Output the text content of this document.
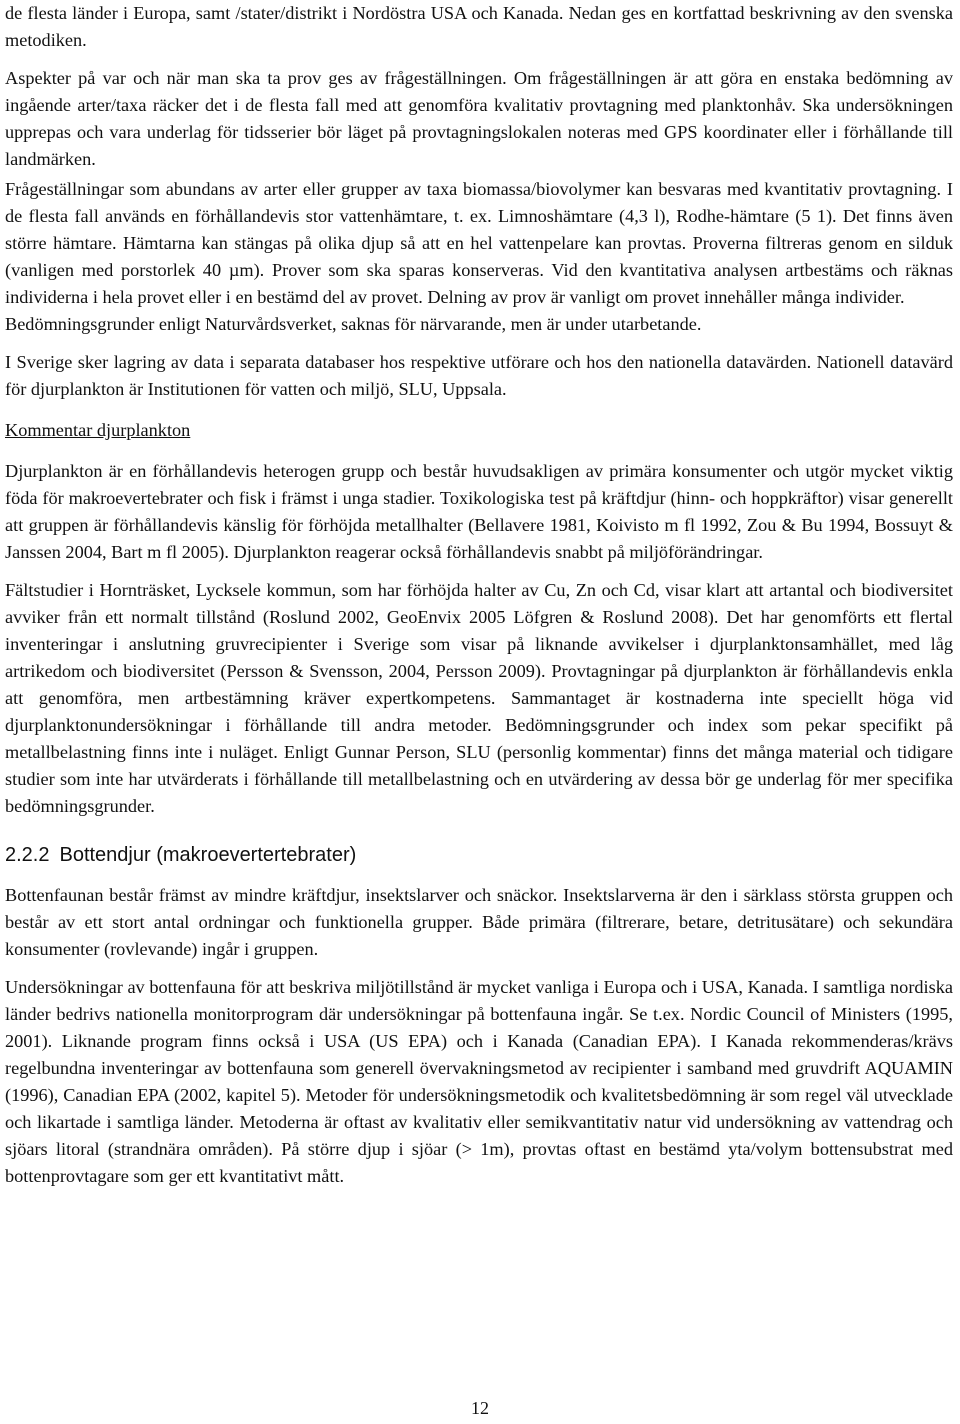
de flesta länder i Europa, samt /stater/distrikt i Nordöstra USA och Kanada. Nedan ges en kortfattad beskrivning av den svenska metodiken.

Aspekter på var och när man ska ta prov ges av frågeställningen. Om frågeställningen är att göra en enstaka bedömning av ingående arter/taxa räcker det i de flesta fall med att genomföra kvalitativ provtagning med planktonhåv. Ska undersökningen upprepas och vara underlag för tidsserier bör läget på provtagningslokalen noteras med GPS koordinater eller i förhållande till landmärken.

Frågeställningar som abundans av arter eller grupper av taxa biomassa/biovolymer kan besvaras med kvantitativ provtagning. I de flesta fall används en förhållandevis stor vattenhämtare, t. ex. Limnoshämtare (4,3 l), Rodhe-hämtare (5 1). Det finns även större hämtare. Hämtarna kan stängas på olika djup så att en hel vattenpelare kan provtas. Proverna filtreras genom en silduk (vanligen med porstorlek 40 µm). Prover som ska sparas konserveras. Vid den kvantitativa analysen artbestäms och räknas individerna i hela provet eller i en bestämd del av provet. Delning av prov är vanligt om provet innehåller många individer.

Bedömningsgrunder enligt Naturvårdsverket, saknas för närvarande, men är under utarbetande.

I Sverige sker lagring av data i separata databaser hos respektive utförare och hos den nationella datavärden. Nationell datavärd för djurplankton är Institutionen för vatten och miljö, SLU, Uppsala.

Kommentar djurplankton

Djurplankton är en förhållandevis heterogen grupp och består huvudsakligen av primära konsumenter och utgör mycket viktig föda för makroevertebrater och fisk i främst i unga stadier. Toxikologiska test på kräftdjur (hinn- och hoppkräftor) visar generellt att gruppen är förhållandevis känslig för förhöjda metallhalter (Bellavere 1981, Koivisto m fl 1992, Zou & Bu 1994, Bossuyt & Janssen 2004, Bart m fl 2005). Djurplankton reagerar också förhållandevis snabbt på miljöförändringar.

Fältstudier i Hornträsket, Lycksele kommun, som har förhöjda halter av Cu, Zn och Cd, visar klart att artantal och biodiversitet avviker från ett normalt tillstånd (Roslund 2002, GeoEnvix 2005 Löfgren & Roslund 2008). Det har genomförts ett flertal inventeringar i anslutning gruvrecipienter i Sverige som visar på liknande avvikelser i djurplanktonsamhället, med låg artrikedom och biodiversitet (Persson & Svensson, 2004, Persson 2009). Provtagningar på djurplankton är förhållandevis enkla att genomföra, men artbestämning kräver expertkompetens. Sammantaget är kostnaderna inte speciellt höga vid djurplanktonundersökningar i förhållande till andra metoder. Bedömningsgrunder och index som pekar specifikt på metallbelastning finns inte i nuläget. Enligt Gunnar Person, SLU (personlig kommentar) finns det många material och tidigare studier som inte har utvärderats i förhållande till metallbelastning och en utvärdering av dessa bör ge underlag för mer specifika bedömningsgrunder.

2.2.2 Bottendjur (makroevertertebrater)

Bottenfaunan består främst av mindre kräftdjur, insektslarver och snäckor. Insektslarverna är den i särklass största gruppen och består av ett stort antal ordningar och funktionella grupper. Både primära (filtrerare, betare, detritusätare) och sekundära konsumenter (rovlevande) ingår i gruppen.

Undersökningar av bottenfauna för att beskriva miljötillstånd är mycket vanliga i Europa och i USA, Kanada. I samtliga nordiska länder bedrivs nationella monitorprogram där undersökningar på bottenfauna ingår. Se t.ex. Nordic Council of Ministers (1995, 2001). Liknande program finns också i USA (US EPA) och i Kanada (Canadian EPA). I Kanada rekommenderas/krävs regelbundna inventeringar av bottenfauna som generell övervakningsmetod av recipienter i samband med gruvdrift AQUAMIN (1996), Canadian EPA (2002, kapitel 5). Metoder för undersökningsmetodik och kvalitetsbedömning är som regel väl utvecklade och likartade i samtliga länder. Metoderna är oftast av kvalitativ eller semikvantitativ natur vid undersökning av vattendrag och sjöars litoral (strandnära områden). På större djup i sjöar (> 1m), provtas oftast en bestämd yta/volym bottensubstrat med bottenprovtagare som ger ett kvantitativt mått.

12
